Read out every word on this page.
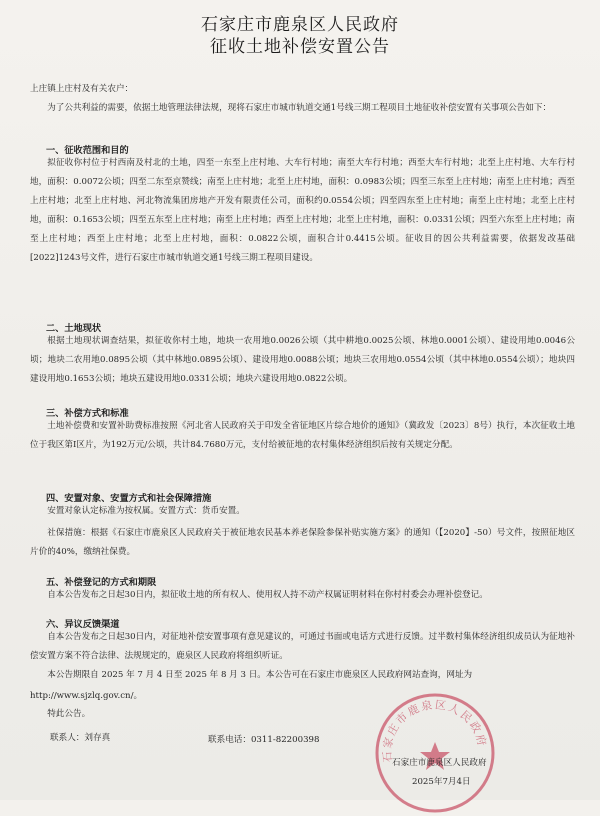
石家庄市鹿泉区人民政府
征收土地补偿安置公告
上庄镇上庄村及有关农户：
为了公共利益的需要，依据土地管理法律法规，现将石家庄市城市轨道交通1号线三期工程项目土地征收补偿安置有关事项公告如下：
一、征收范围和目的
拟征收你村位于村西南及村北的土地，四至一东至上庄村地、大车行村地；南至大车行村地；西至大车行村地；北至上庄村地、大车行村地，面积：0.0072公顷；四至二东至京赞线；南至上庄村地；北至上庄村地，面积：0.0983公顷；四至三东至上庄村地；南至上庄村地；西至上庄村地；北至上庄村地、河北物流集团房地产开发有限责任公司，面积约0.0554公顷；四至四东至上庄村地；南至上庄村地；北至上庄村地，面积：0.1653公顷；四至五东至上庄村地；南至上庄村地；西至上庄村地；北至上庄村地，面积：0.0331公顷；四至六东至上庄村地；南至上庄村地；西至上庄村地；北至上庄村地，面积：0.0822公顷，面积合计0.4415公顷。征收目的因公共利益需要，依据发改基础[2022]1243号文件，进行石家庄市城市轨道交通1号线三期工程项目建设。
二、土地现状
根据土地现状调查结果，拟征收你村土地，地块一农用地0.0026公顷（其中耕地0.0025公顷、林地0.0001公顷）、建设用地0.0046公顷；地块二农用地0.0895公顷（其中林地0.0895公顷）、建设用地0.0088公顷；地块三农用地0.0554公顷（其中林地0.0554公顷）；地块四建设用地0.1653公顷；地块五建设用地0.0331公顷；地块六建设用地0.0822公顷。
三、补偿方式和标准
土地补偿费和安置补助费标准按照《河北省人民政府关于印发全省征地区片综合地价的通知》（冀政发〔2023〕8号）执行，本次征收土地位于我区第Ⅰ区片，为192万元/公顷，共计84.7680万元，支付给被征地的农村集体经济组织后按有关规定分配。
四、安置对象、安置方式和社会保障措施
安置对象认定标准为按权属。安置方式：货币安置。
社保措施：根据《石家庄市鹿泉区人民政府关于被征地农民基本养老保险参保补贴实施方案》的通知（【2020】-50）号文件，按照征地区片价的40%，缴纳社保费。
五、补偿登记的方式和期限
自本公告发布之日起30日内，拟征收土地的所有权人、使用权人持不动产权属证明材料在你村村委会办理补偿登记。
六、异议反馈渠道
自本公告发布之日起30日内，对征地补偿安置事项有意见建议的，可通过书面或电话方式进行反馈。过半数村集体经济组织成员认为征地补偿安置方案不符合法律、法规规定的，鹿泉区人民政府将组织听证。
本公告期限自 2025 年 7 月 4 日至 2025 年 8 月 3 日。本公告可在石家庄市鹿泉区人民政府网站查询，网址为
http://www.sjzlq.gov.cn/。
特此公告。
联系人：刘存真	联系电话：0311-82200398
石家庄市鹿泉区人民政府
石家庄市鹿泉区人民政府
2025年7月4日
